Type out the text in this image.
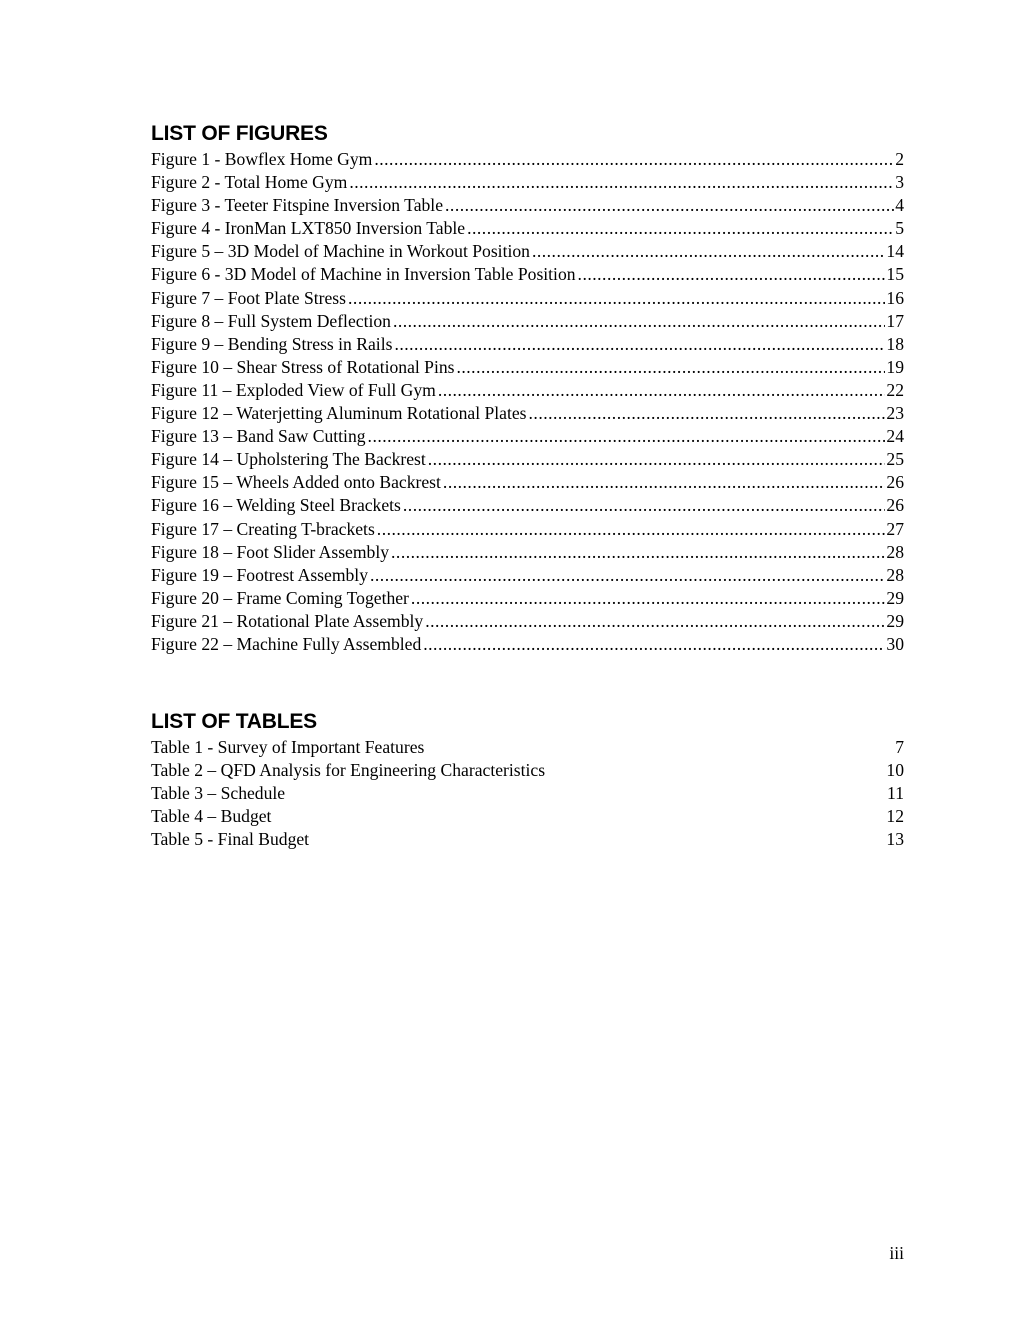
LIST OF FIGURES
Figure 1 - Bowflex Home Gym .....	2
Figure 2 - Total Home Gym .....	3
Figure 3 - Teeter Fitspine Inversion Table .....	4
Figure 4 - IronMan LXT850 Inversion Table .....	5
Figure 5 – 3D Model of Machine in Workout Position .....	14
Figure 6 - 3D Model of Machine in Inversion Table Position .....	15
Figure 7 – Foot Plate Stress .....	16
Figure 8 – Full System Deflection .....	17
Figure 9 – Bending Stress in Rails .....	18
Figure 10 – Shear Stress of Rotational Pins .....	19
Figure 11 – Exploded View of Full Gym .....	22
Figure 12 – Waterjetting Aluminum Rotational Plates .....	23
Figure 13 – Band Saw Cutting .....	24
Figure 14 – Upholstering The Backrest .....	25
Figure 15 – Wheels Added onto Backrest .....	26
Figure 16 – Welding Steel Brackets .....	26
Figure 17 – Creating T-brackets .....	27
Figure 18 – Foot Slider Assembly .....	28
Figure 19 – Footrest Assembly .....	28
Figure 20 – Frame Coming Together .....	29
Figure 21 – Rotational Plate Assembly .....	29
Figure 22 – Machine Fully Assembled .....	30
LIST OF TABLES
Table 1 - Survey of Important Features	7
Table 2 – QFD Analysis for Engineering Characteristics	10
Table 3 – Schedule	11
Table 4 – Budget	12
Table 5 - Final Budget	13
iii
